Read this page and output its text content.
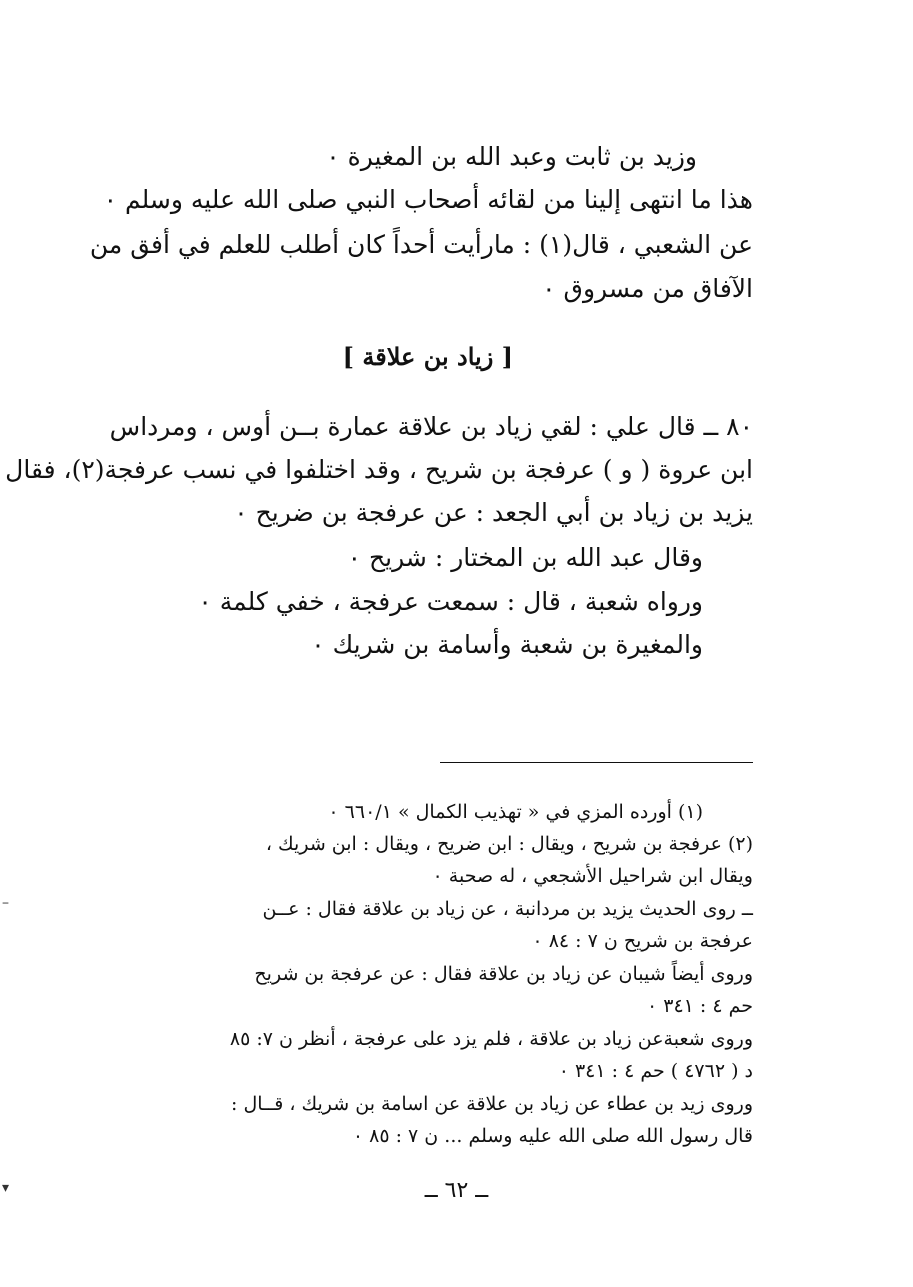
وزيد بن ثابت وعبد الله بن المغيرة ٠
هذا ما انتهى إلينا من لقائه أصحاب النبي صلى الله عليه وسلم ٠
عن الشعبي ، قال(١) : مارأيت أحداً كان أطلب للعلم في أفق من
الآفاق من مسروق ٠
[ زياد بن علاقة ]
٨٠ ــ قال علي : لقي زياد بن علاقة عمارة بــن أوس ، ومرداس
ابن عروة ( و ) عرفجة بن شريح ، وقد اختلفوا في نسب عرفجة(٢)، فقال
يزيد بن زياد بن أبي الجعد : عن عرفجة بن ضريح ٠
وقال عبد الله بن المختار : شريح ٠
ورواه شعبة ، قال : سمعت عرفجة ، خفي كلمة ٠
والمغيرة بن شعبة وأسامة بن شريك ٠
(١) أورده المزي في « تهذيب الكمال » ٦٦٠/١ ٠
(٢) عرفجة بن شريح ، ويقال : ابن ضريح ، ويقال : ابن شريك ،
ويقال ابن شراحيل الأشجعي ، له صحبة ٠
ــ روى الحديث يزيد بن مردانبة ، عن زياد بن علاقة فقال : عــن
عرفجة بن شريح ن ٧ : ٨٤ ٠
وروى أيضاً شيبان عن زياد بن علاقة فقال : عن عرفجة بن شريح
حم ٤ : ٣٤١ ٠
وروى شعبةعن زياد بن علاقة ، فلم يزد على عرفجة ، أنظر ن ٧: ٨٥
د ( ٤٧٦٢ ) حم ٤ : ٣٤١ ٠
وروى زيد بن عطاء عن زياد بن علاقة عن اسامة بن شريك ، قــال :
قال رسول الله صلى الله عليه وسلم ... ن ٧ : ٨٥ ٠
ــ ٦٢ ــ
–
▾
